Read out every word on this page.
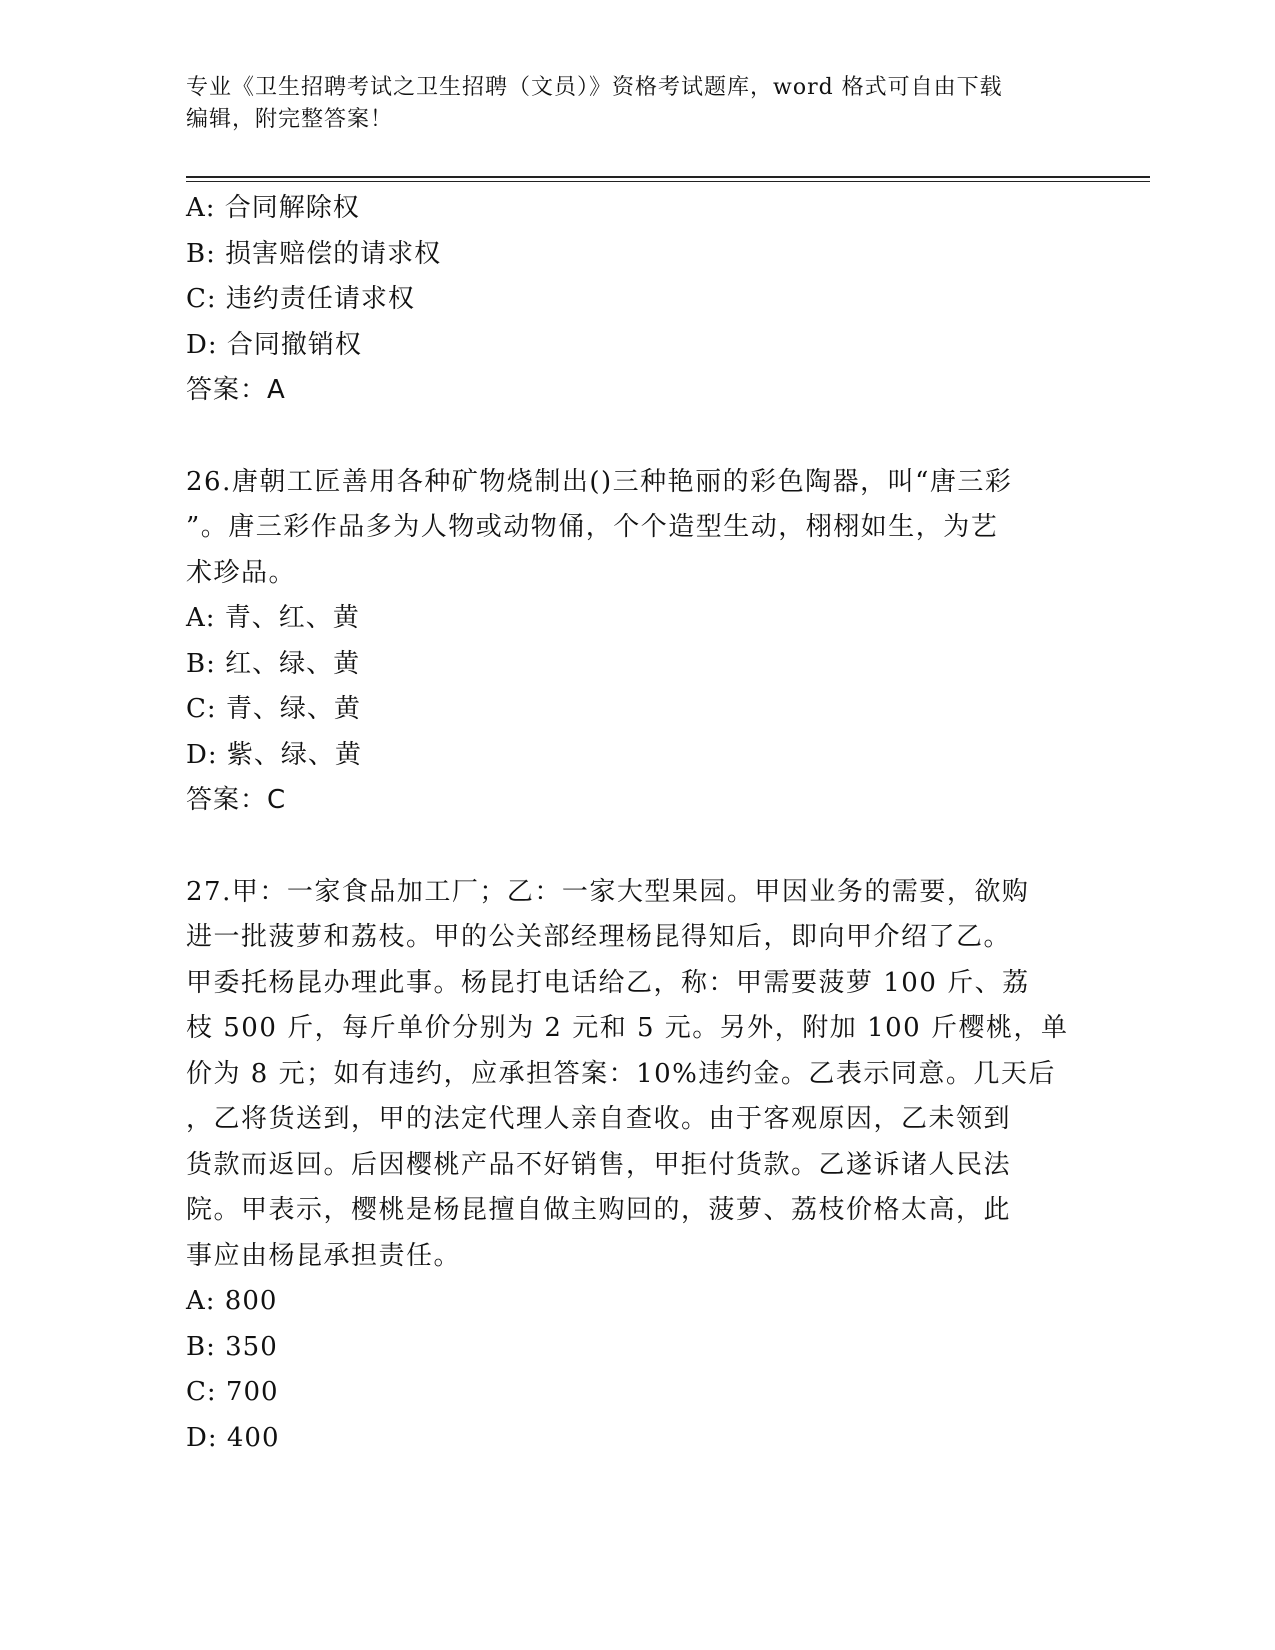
专业《卫生招聘考试之卫生招聘（文员）》资格考试题库，word 格式可自由下载
编辑，附完整答案！
A: 合同解除权
B: 损害赔偿的请求权
C: 违约责任请求权
D: 合同撤销权
答案：A
26.唐朝工匠善用各种矿物烧制出()三种艳丽的彩色陶器，叫“唐三彩
”。唐三彩作品多为人物或动物俑，个个造型生动，栩栩如生，为艺
术珍品。
A: 青、红、黄
B: 红、绿、黄
C: 青、绿、黄
D: 紫、绿、黄
答案：C
27.甲：一家食品加工厂；乙：一家大型果园。甲因业务的需要，欲购
进一批菠萝和荔枝。甲的公关部经理杨昆得知后，即向甲介绍了乙。
甲委托杨昆办理此事。杨昆打电话给乙，称：甲需要菠萝 100 斤、荔
枝 500 斤，每斤单价分别为 2 元和 5 元。另外，附加 100 斤樱桃，单
价为 8 元；如有违约，应承担答案：10%违约金。乙表示同意。几天后
，乙将货送到，甲的法定代理人亲自查收。由于客观原因，乙未领到
货款而返回。后因樱桃产品不好销售，甲拒付货款。乙遂诉诸人民法
院。甲表示，樱桃是杨昆擅自做主购回的，菠萝、荔枝价格太高，此
事应由杨昆承担责任。
A: 800
B: 350
C: 700
D: 400
